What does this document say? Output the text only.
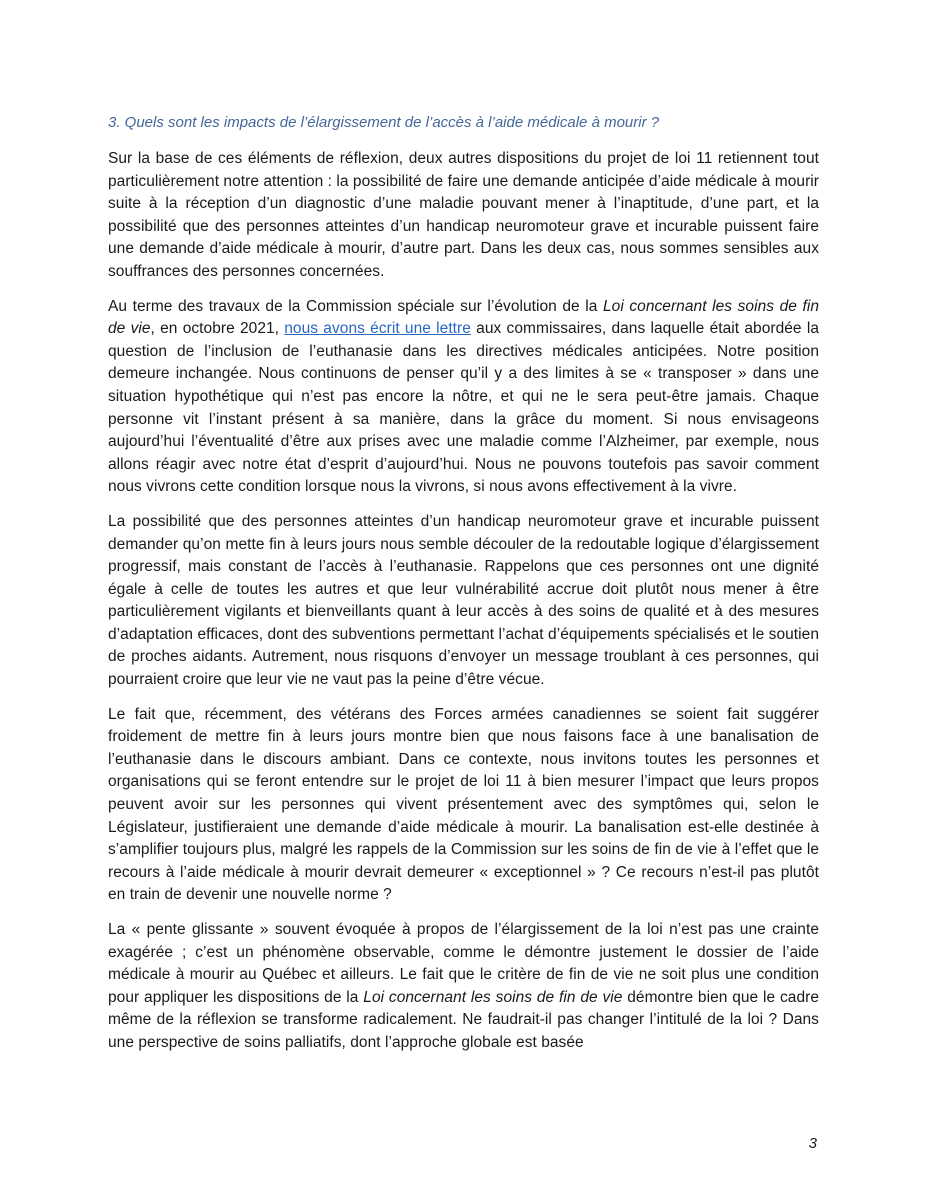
3. Quels sont les impacts de l’élargissement de l’accès à l’aide médicale à mourir ?

Sur la base de ces éléments de réflexion, deux autres dispositions du projet de loi 11 retiennent tout particulièrement notre attention : la possibilité de faire une demande anticipée d’aide médicale à mourir suite à la réception d’un diagnostic d’une maladie pouvant mener à l’inaptitude, d’une part, et la possibilité que des personnes atteintes d’un handicap neuromoteur grave et incurable puissent faire une demande d’aide médicale à mourir, d’autre part. Dans les deux cas, nous sommes sensibles aux souffrances des personnes concernées.

Au terme des travaux de la Commission spéciale sur l’évolution de la Loi concernant les soins de fin de vie, en octobre 2021, nous avons écrit une lettre aux commissaires, dans laquelle était abordée la question de l’inclusion de l’euthanasie dans les directives médicales anticipées. Notre position demeure inchangée. Nous continuons de penser qu’il y a des limites à se « transposer » dans une situation hypothétique qui n’est pas encore la nôtre, et qui ne le sera peut-être jamais. Chaque personne vit l’instant présent à sa manière, dans la grâce du moment. Si nous envisageons aujourd’hui l’éventualité d’être aux prises avec une maladie comme l’Alzheimer, par exemple, nous allons réagir avec notre état d’esprit d’aujourd’hui. Nous ne pouvons toutefois pas savoir comment nous vivrons cette condition lorsque nous la vivrons, si nous avons effectivement à la vivre.

La possibilité que des personnes atteintes d’un handicap neuromoteur grave et incurable puissent demander qu’on mette fin à leurs jours nous semble découler de la redoutable logique d’élargissement progressif, mais constant de l’accès à l’euthanasie. Rappelons que ces personnes ont une dignité égale à celle de toutes les autres et que leur vulnérabilité accrue doit plutôt nous mener à être particulièrement vigilants et bienveillants quant à leur accès à des soins de qualité et à des mesures d’adaptation efficaces, dont des subventions permettant l’achat d’équipements spécialisés et le soutien de proches aidants. Autrement, nous risquons d’envoyer un message troublant à ces personnes, qui pourraient croire que leur vie ne vaut pas la peine d’être vécue.

Le fait que, récemment, des vétérans des Forces armées canadiennes se soient fait suggérer froidement de mettre fin à leurs jours montre bien que nous faisons face à une banalisation de l’euthanasie dans le discours ambiant. Dans ce contexte, nous invitons toutes les personnes et organisations qui se feront entendre sur le projet de loi 11 à bien mesurer l’impact que leurs propos peuvent avoir sur les personnes qui vivent présentement avec des symptômes qui, selon le Législateur, justifieraient une demande d’aide médicale à mourir. La banalisation est-elle destinée à s’amplifier toujours plus, malgré les rappels de la Commission sur les soins de fin de vie à l’effet que le recours à l’aide médicale à mourir devrait demeurer « exceptionnel » ? Ce recours n’est-il pas plutôt en train de devenir une nouvelle norme ?

La « pente glissante » souvent évoquée à propos de l’élargissement de la loi n’est pas une crainte exagérée ; c’est un phénomène observable, comme le démontre justement le dossier de l’aide médicale à mourir au Québec et ailleurs. Le fait que le critère de fin de vie ne soit plus une condition pour appliquer les dispositions de la Loi concernant les soins de fin de vie démontre bien que le cadre même de la réflexion se transforme radicalement. Ne faudrait-il pas changer l’intitulé de la loi ? Dans une perspective de soins palliatifs, dont l’approche globale est basée

3
